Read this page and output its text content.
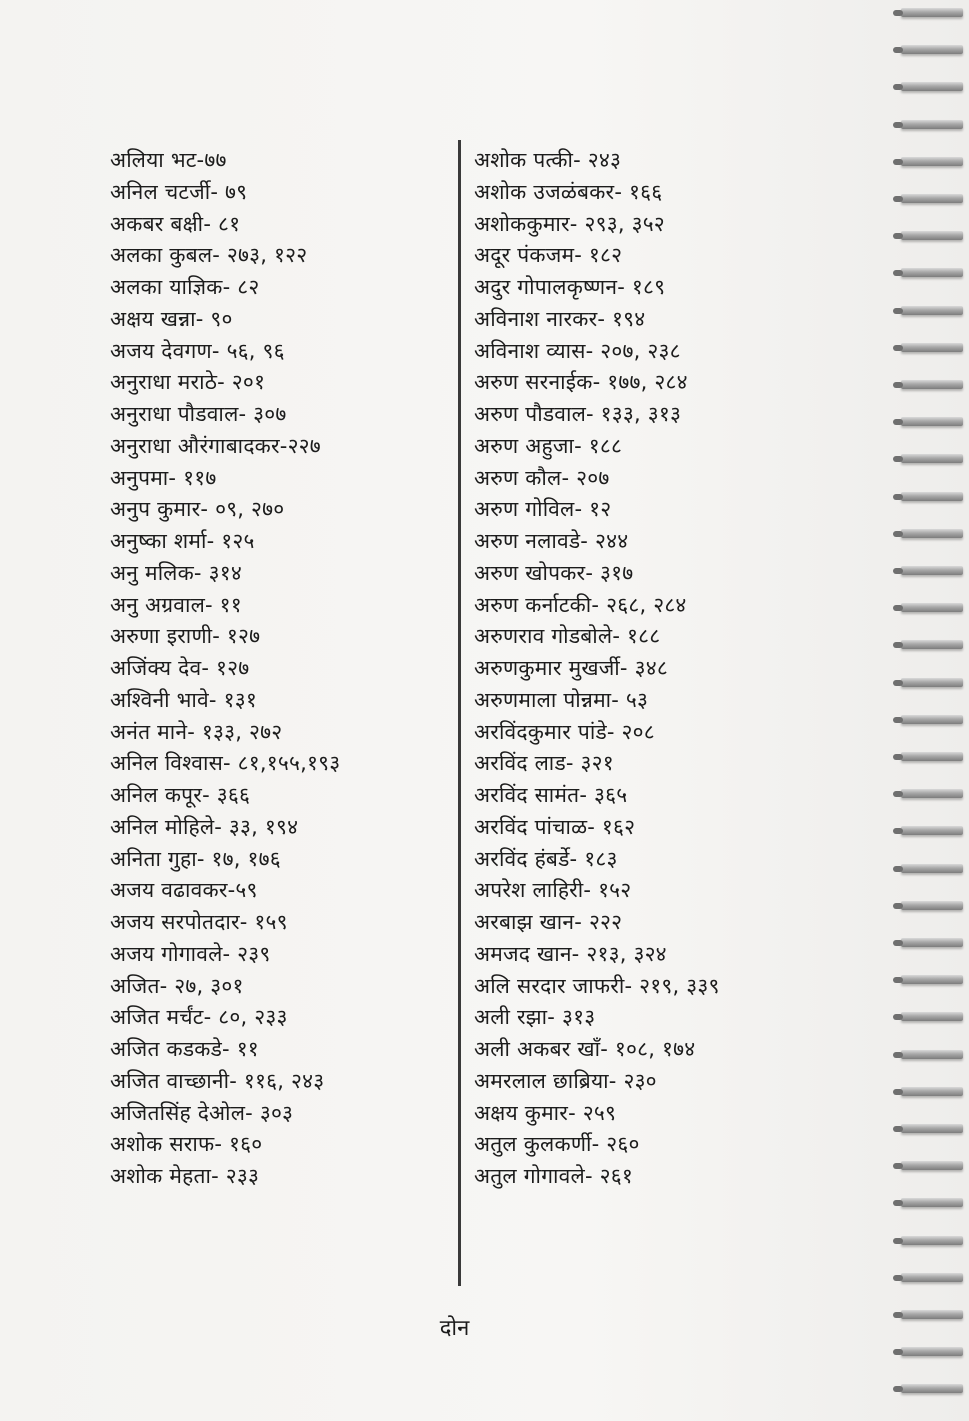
अलिया भट-७७
अनिल चटर्जी- ७९
अकबर बक्षी- ८१
अलका कुबल- २७३, १२२
अलका याज्ञिक- ८२
अक्षय खन्ना- ९०
अजय देवगण- ५६, ९६
अनुराधा मराठे- २०१
अनुराधा पौडवाल- ३०७
अनुराधा औरंगाबादकर-२२७
अनुपमा- ११७
अनुप कुमार- ०९, २७०
अनुष्का शर्मा- १२५
अनु मलिक- ३१४
अनु अग्रवाल- ११
अरुणा इराणी- १२७
अजिंक्य देव- १२७
अश्विनी भावे- १३१
अनंत माने- १३३, २७२
अनिल विश्वास- ८१,१५५,१९३
अनिल कपूर- ३६६
अनिल मोहिले- ३३, १९४
अनिता गुहा- १७, १७६
अजय वढावकर-५९
अजय सरपोतदार- १५९
अजय गोगावले- २३९
अजित- २७, ३०१
अजित मर्चंट- ८०, २३३
अजित कडकडे- ११
अजित वाच्छानी- ११६, २४३
अजितसिंह देओल- ३०३
अशोक सराफ- १६०
अशोक मेहता- २३३
अशोक पत्की- २४३
अशोक उजळंबकर- १६६
अशोककुमार- २९३, ३५२
अदूर पंकजम- १८२
अदुर गोपालकृष्णन- १८९
अविनाश नारकर- १९४
अविनाश व्यास- २०७, २३८
अरुण सरनाईक- १७७, २८४
अरुण पौडवाल- १३३, ३१३
अरुण अहुजा- १८८
अरुण कौल- २०७
अरुण गोविल- १२
अरुण नलावडे- २४४
अरुण खोपकर- ३१७
अरुण कर्नाटकी- २६८, २८४
अरुणराव गोडबोले- १८८
अरुणकुमार मुखर्जी- ३४८
अरुणमाला पोन्नमा- ५३
अरविंदकुमार पांडे- २०८
अरविंद लाड- ३२१
अरविंद सामंत- ३६५
अरविंद पांचाळ- १६२
अरविंद हंबर्डे- १८३
अपरेश लाहिरी- १५२
अरबाझ खान- २२२
अमजद खान- २१३, ३२४
अलि सरदार जाफरी- २१९, ३३९
अली रझा- ३१३
अली अकबर खाँ- १०८, १७४
अमरलाल छाब्रिया- २३०
अक्षय कुमार- २५९
अतुल कुलकर्णी- २६०
अतुल गोगावले- २६१
दोन
